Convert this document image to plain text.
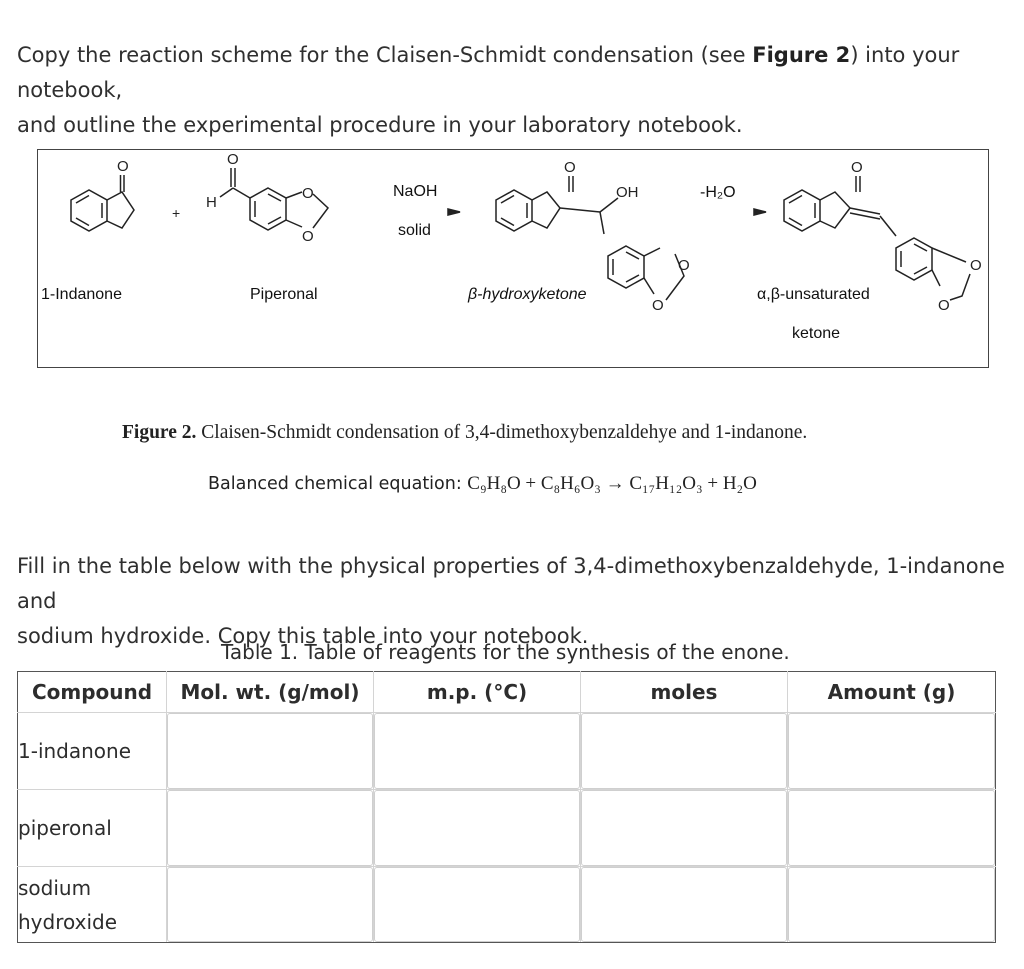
Copy the reaction scheme for the Claisen-Schmidt condensation (see Figure 2) into your notebook,
and outline the experimental procedure in your laboratory notebook.
O
+
H
O
O
O
NaOH
solid
O
OH
O
O
-H₂O
O
O
O
1-Indanone	Piperonal	β-hydroxyketone	α,β-unsaturated
ketone
Figure 2. Claisen-Schmidt condensation of 3,4-dimethoxybenzaldehye and 1-indanone.
Balanced chemical equation: C₉H₈O + C₈H₆O₃ → C₁₇H₁₂O₃ + H₂O
Fill in the table below with the physical properties of 3,4-dimethoxybenzaldehyde, 1-indanone and
sodium hydroxide. Copy this table into your notebook.
Table 1. Table of reagents for the synthesis of the enone.
Compound	Mol. wt. (g/mol)	m.p. (°C)	moles	Amount (g)
1-indanone	

piperonal	

sodium
hydroxide
